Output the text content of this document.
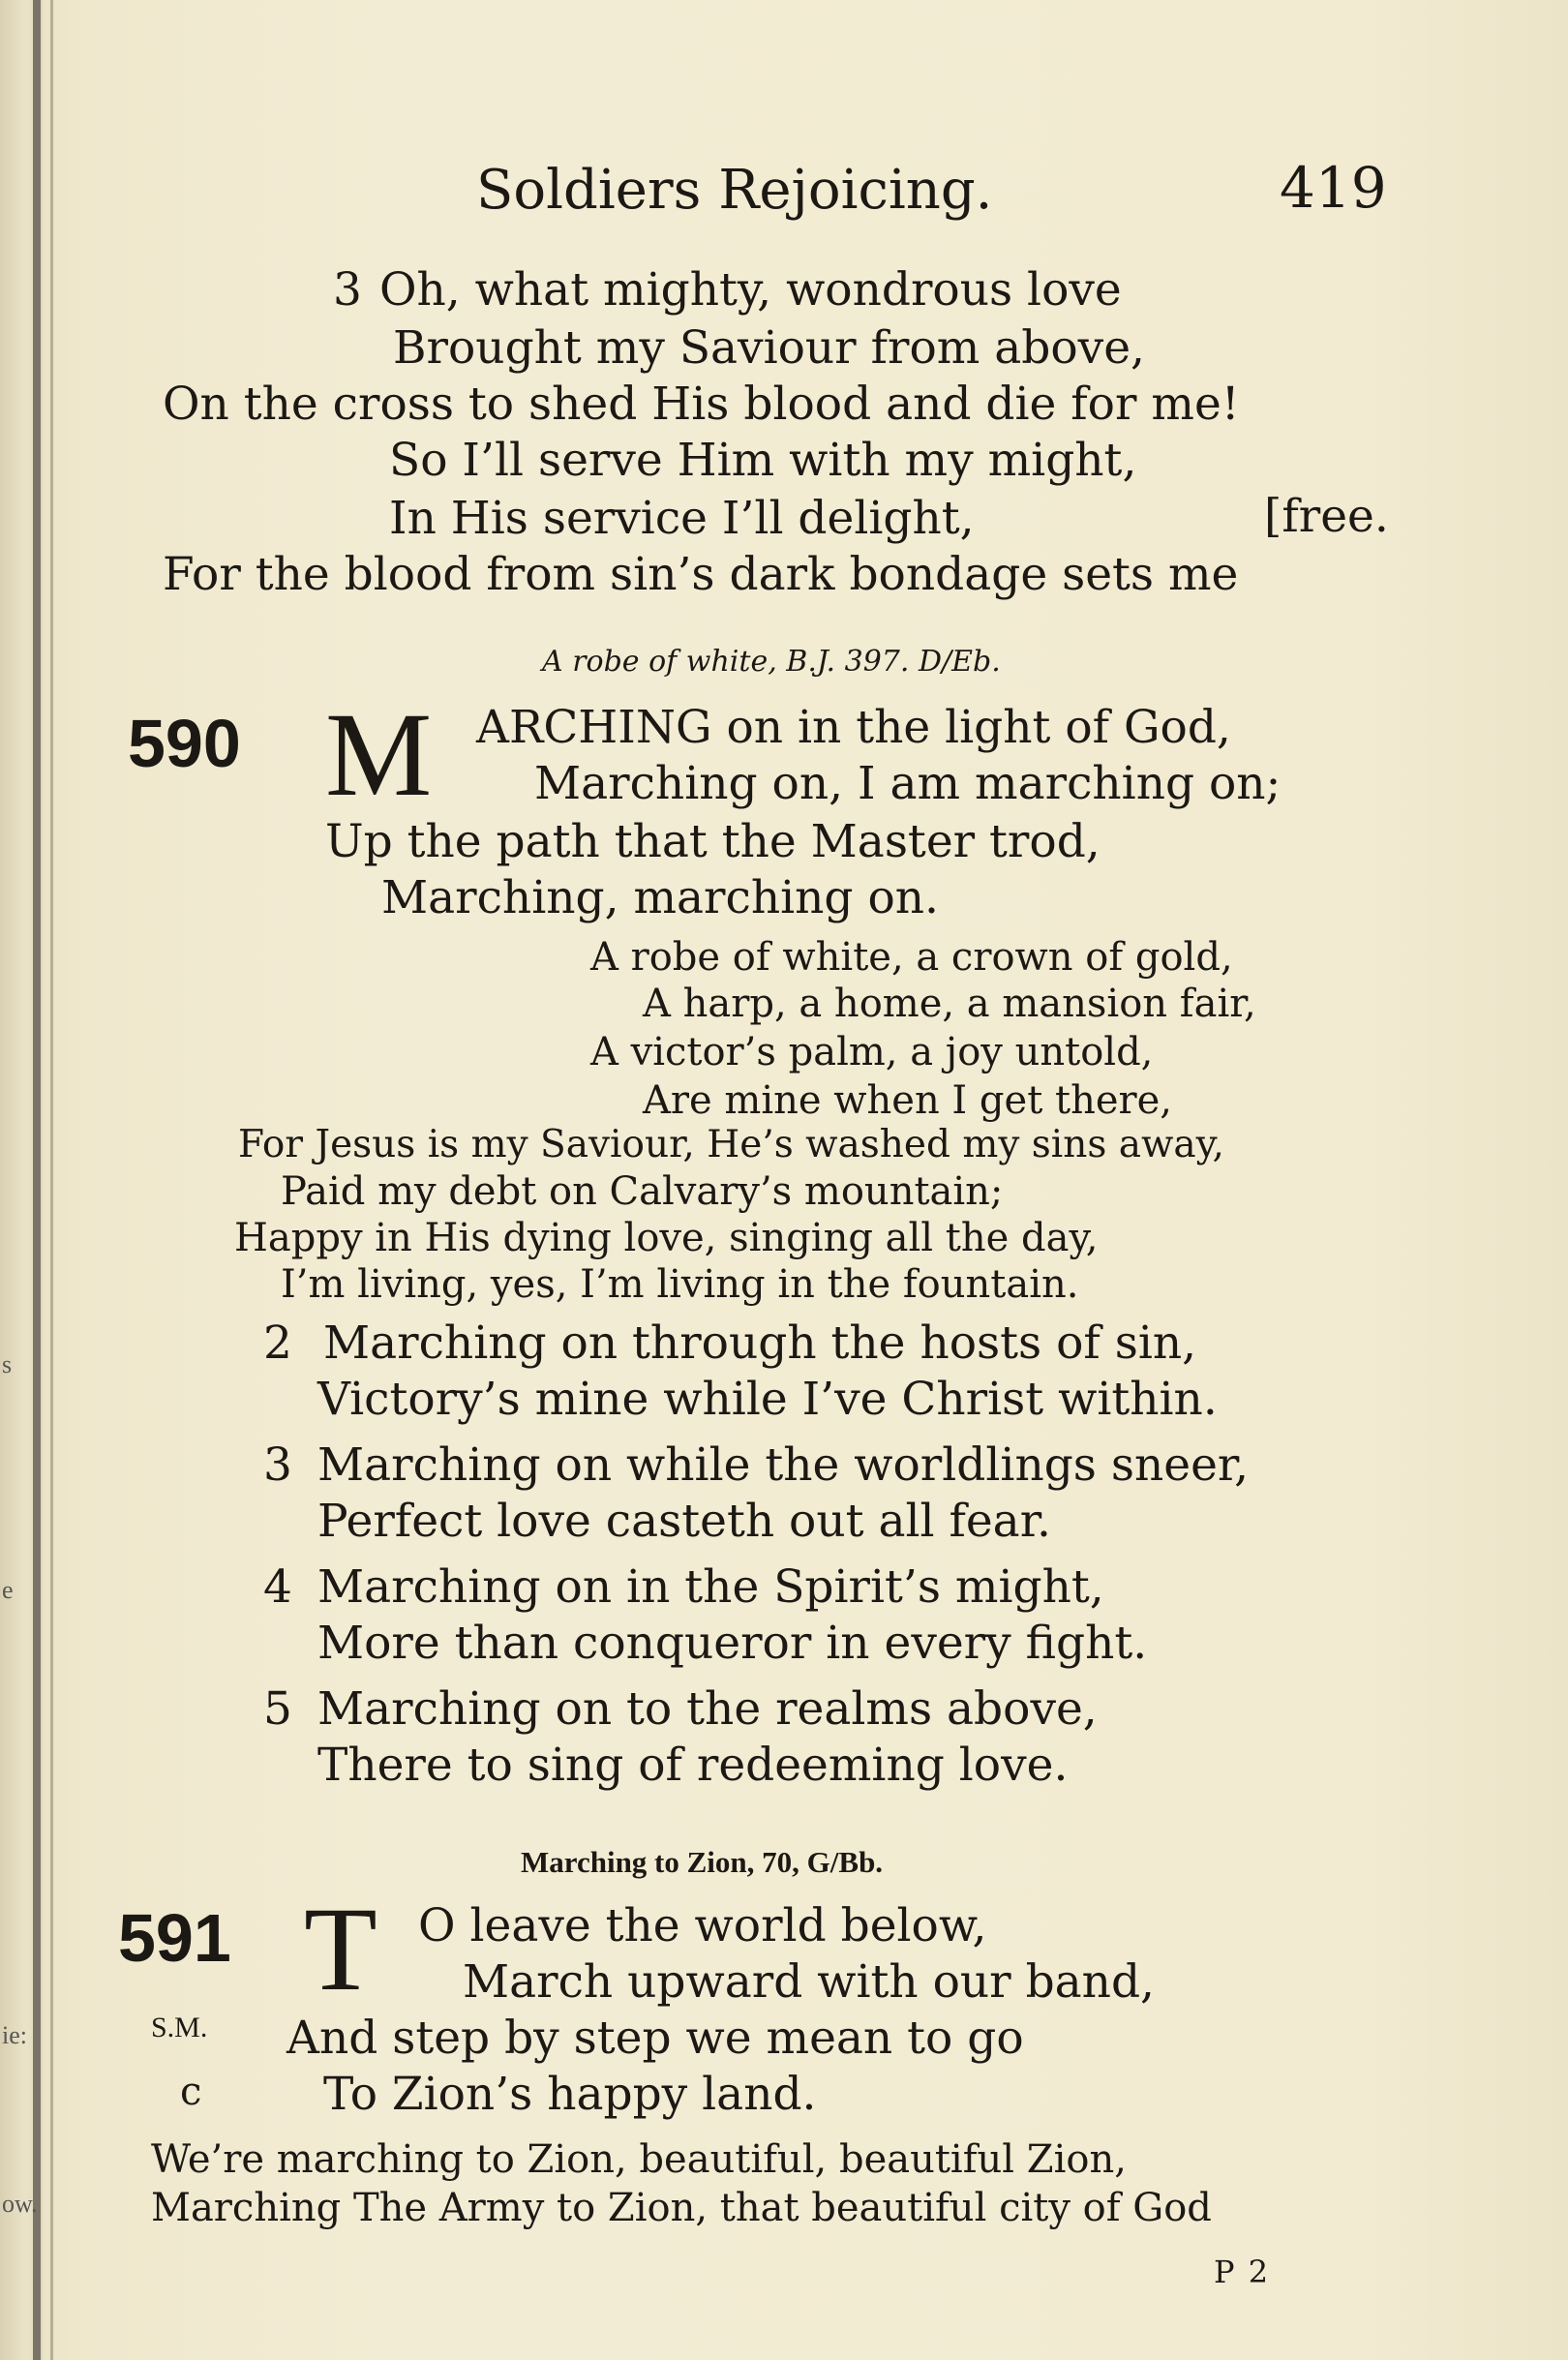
s
e
ie:
ow.
Soldiers Rejoicing.	419
3 Oh, what mighty, wondrous love
Brought my Saviour from above,
On the cross to shed His blood and die for me!
So I’ll serve Him with my might,
In His service I’ll delight,	[free.
For the blood from sin’s dark bondage sets me
A robe of white, B.J. 397. D/Eb.
590 M ARCHING on in the light of God,
Marching on, I am marching on;
Up the path that the Master trod,
Marching, marching on.
A robe of white, a crown of gold,
A harp, a home, a mansion fair,
A victor’s palm, a joy untold,
Are mine when I get there,
For Jesus is my Saviour, He’s washed my sins away,
Paid my debt on Calvary’s mountain;
Happy in His dying love, singing all the day,
I’m living, yes, I’m living in the fountain.
2 Marching on through the hosts of sin,
Victory’s mine while I’ve Christ within.
3 Marching on while the worldlings sneer,
Perfect love casteth out all fear.
4 Marching on in the Spirit’s might,
More than conqueror in every fight.
5 Marching on to the realms above,
There to sing of redeeming love.
Marching to Zion, 70, G/Bb.
591 T O leave the world below,
March upward with our band,
S.M. And step by step we mean to go
c	To Zion’s happy land.
We’re marching to Zion, beautiful, beautiful Zion,
Marching The Army to Zion, that beautiful city of God
P 2
